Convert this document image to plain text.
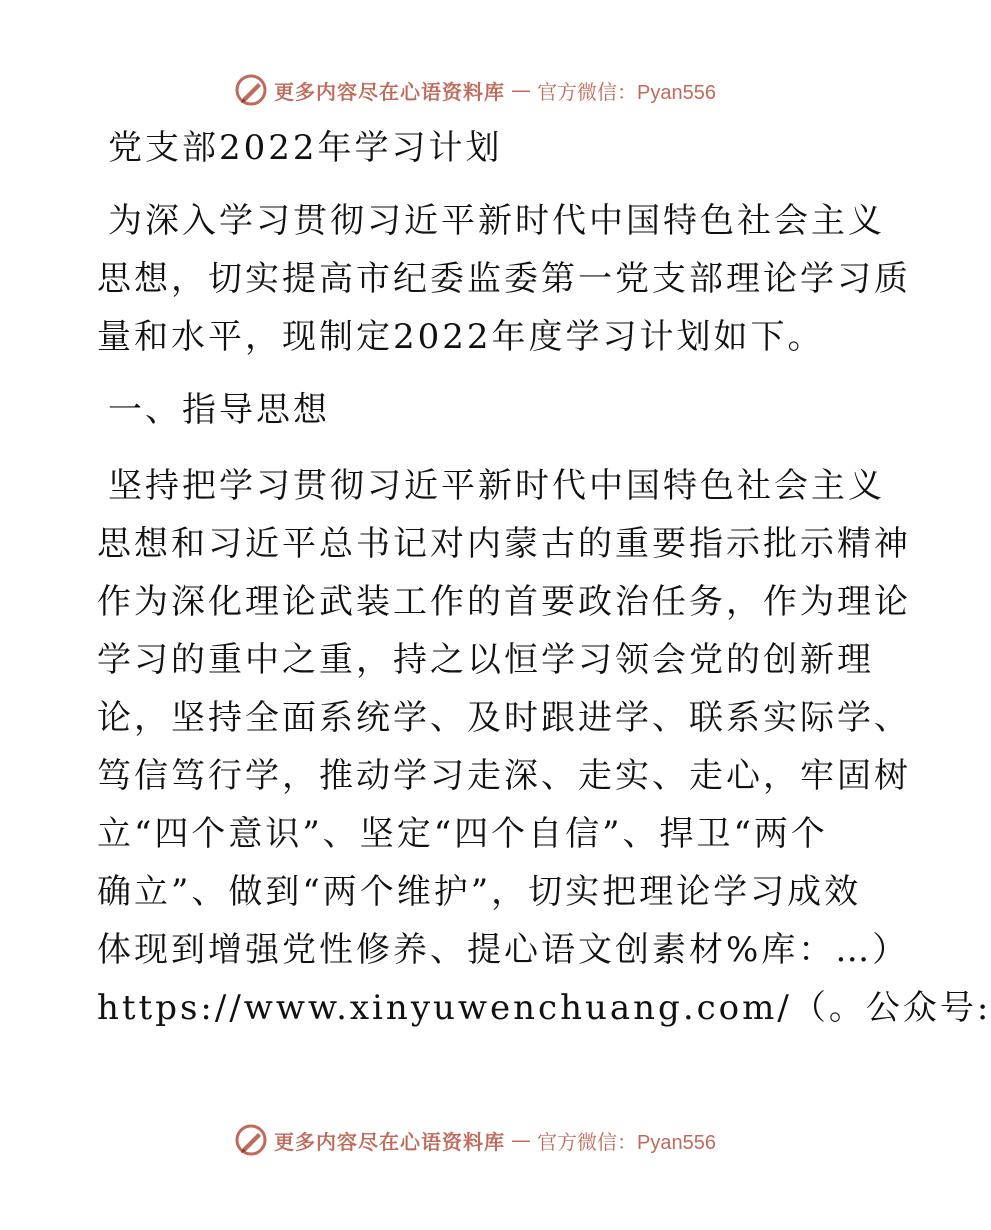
更多内容尽在心语资料库 — 官方微信：Pyan556
党支部2022年学习计划
为深入学习贯彻习近平新时代中国特色社会主义
思想，切实提高市纪委监委第一党支部理论学习质
量和水平，现制定2022年度学习计划如下。
一、指导思想
坚持把学习贯彻习近平新时代中国特色社会主义
思想和习近平总书记对内蒙古的重要指示批示精神
作为深化理论武装工作的首要政治任务，作为理论
学习的重中之重，持之以恒学习领会党的创新理
论，坚持全面系统学、及时跟进学、联系实际学、
笃信笃行学，推动学习走深、走实、走心，牢固树
立“四个意识”、坚定“四个自信”、捍卫“两个
确立”、做到“两个维护”，切实把理论学习成效
体现到增强党性修养、提心语文创素材%库：…）
https://www.xinyuwenchuang.com/（。公众号:
更多内容尽在心语资料库 — 官方微信：Pyan556
